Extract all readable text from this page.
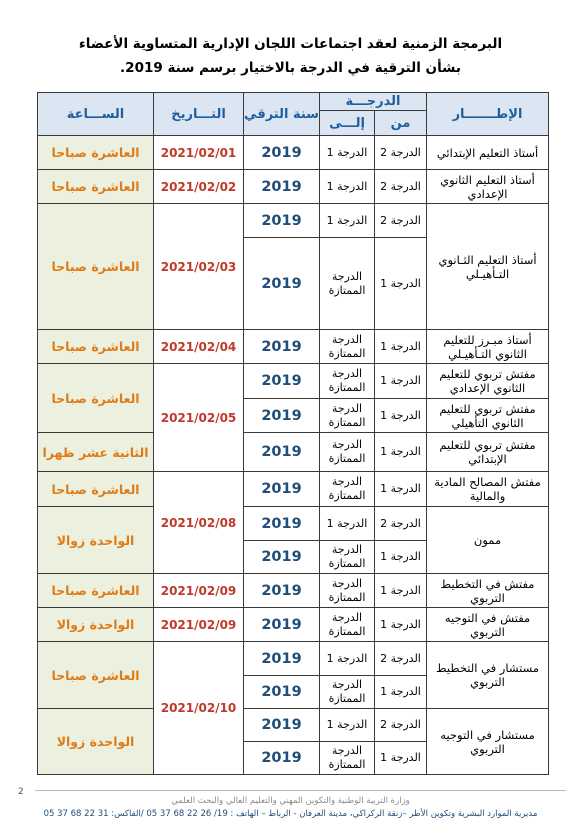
البرمجة الزمنية لعقد اجتماعات اللجان الإدارية المتساوية الأعضاء
بشأن الترقية في الدرجة بالاختيار برسم سنة 2019.
الإطـــــــار	الدرجـــة		سنة الترقي	التـــاريخ	الســـاعة
	من	إلـــى			
أستاذ التعليم الإبتدائي	الدرجة 2	الدرجة 1	2019	2021/02/01	العاشرة صباحا
أستاذ التعليم الثانوي الإعدادي	الدرجة 2	الدرجة 1	2019	2021/02/02	العاشرة صباحا
أستاذ التعليم الثـانوي التـأهيـلي	الدرجة 2	الدرجة 1	2019	2021/02/03	العاشرة صباحا
	الدرجة 1	الدرجة الممتازة	2019		
أستاذ مبـرز للتعليم الثانوي التـأهيـلي	الدرجة 1	الدرجة الممتازة	2019	2021/02/04	العاشرة صباحا
مفتش تربوي للتعليم الثانوي الإعدادي	الدرجة 1	الدرجة الممتازة	2019	2021/02/05	العاشرة صباحا
مفتش تربوي للتعليم الثانوي التأهيلي	الدرجة 1	الدرجة الممتازة	2019		
مفتش تربوي للتعليم الإبتدائي	الدرجة 1	الدرجة الممتازة	2019		الثانية عشر ظهرا
مفتش المصالح المادية والمالية	الدرجة 1	الدرجة الممتازة	2019	2021/02/08	العاشرة صباحا
ممون	الدرجة 2	الدرجة 1	2019		الواحدة زوالا
	الدرجة 1	الدرجة الممتازة	2019		
مفتش في التخطيط التربوي	الدرجة 1	الدرجة الممتازة	2019	2021/02/09	العاشرة صباحا
مفتش في التوجيه التربوي	الدرجة 1	الدرجة الممتازة	2019	2021/02/09	الواحدة زوالا
مستشار في التخطيط التربوي	الدرجة 2	الدرجة 1	2019	2021/02/10	العاشرة صباحا
	الدرجة 1	الدرجة الممتازة	2019		
مستشار في التوجيه التربوي	الدرجة 2	الدرجة 1	2019		الواحدة زوالا
	الدرجة 1	الدرجة الممتازة	2019		
2
وزارة التربية الوطنية والتكوين المهني والتعليم العالي والبحث العلمي
مديرية الموارد البشرية وتكوين الأطر –زنقة الركراكي، مدينة العرفان - الرباط – الهاتف : 19/ 26 22 68 37 05 /الفاكس: 31 22 68 37 05
